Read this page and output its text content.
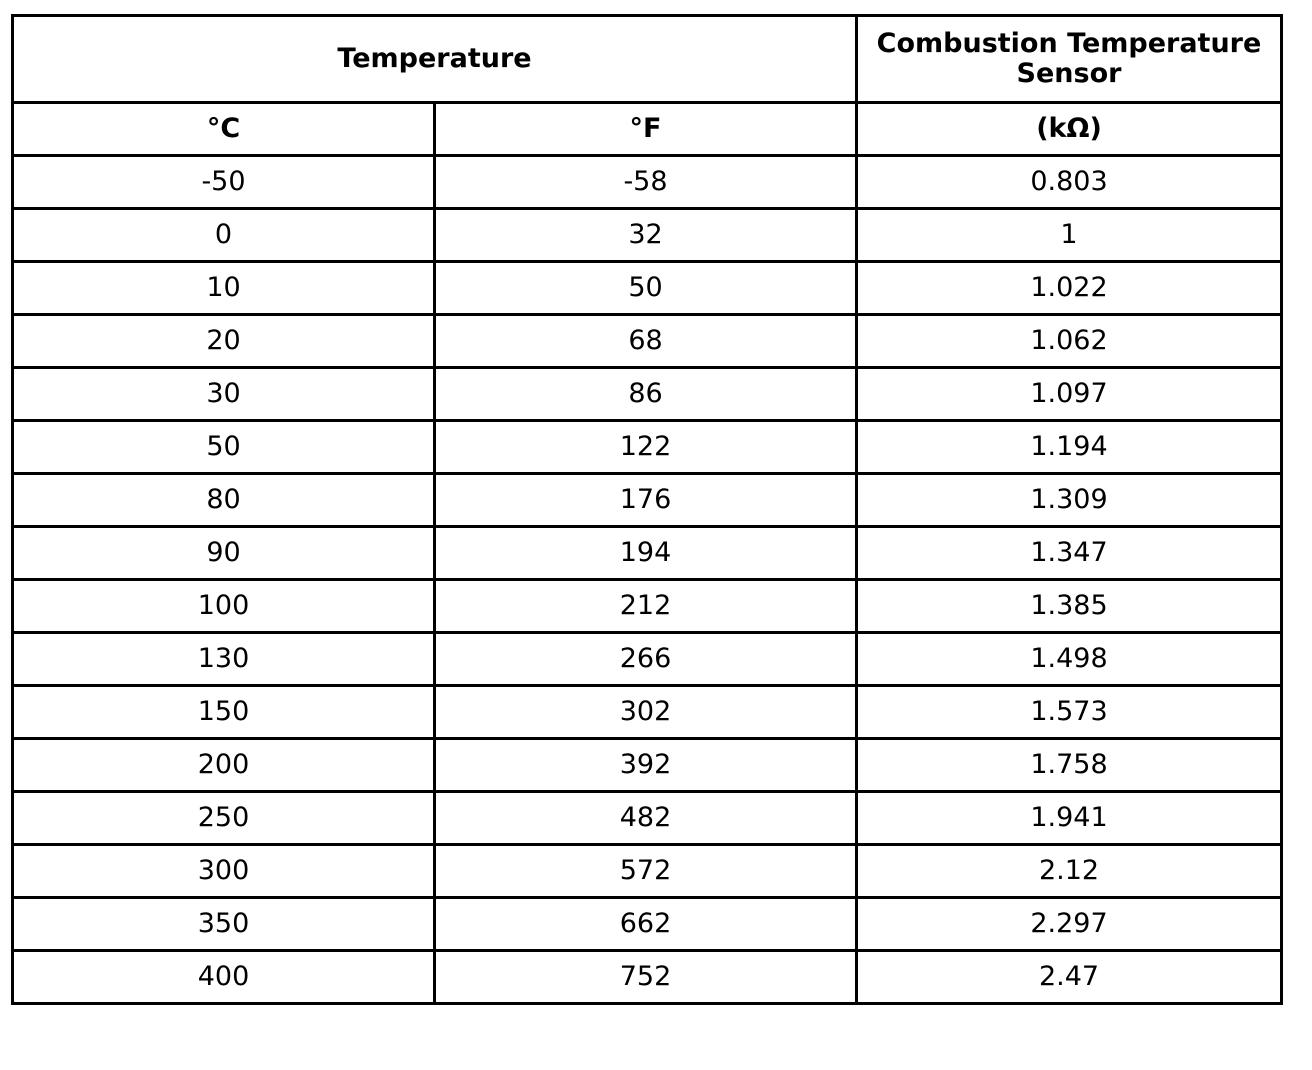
Temperature		Combustion Temperature Sensor
°C	°F	(kΩ)
-50	-58	0.803
0	32	1
10	50	1.022
20	68	1.062
30	86	1.097
50	122	1.194
80	176	1.309
90	194	1.347
100	212	1.385
130	266	1.498
150	302	1.573
200	392	1.758
250	482	1.941
300	572	2.12
350	662	2.297
400	752	2.47
